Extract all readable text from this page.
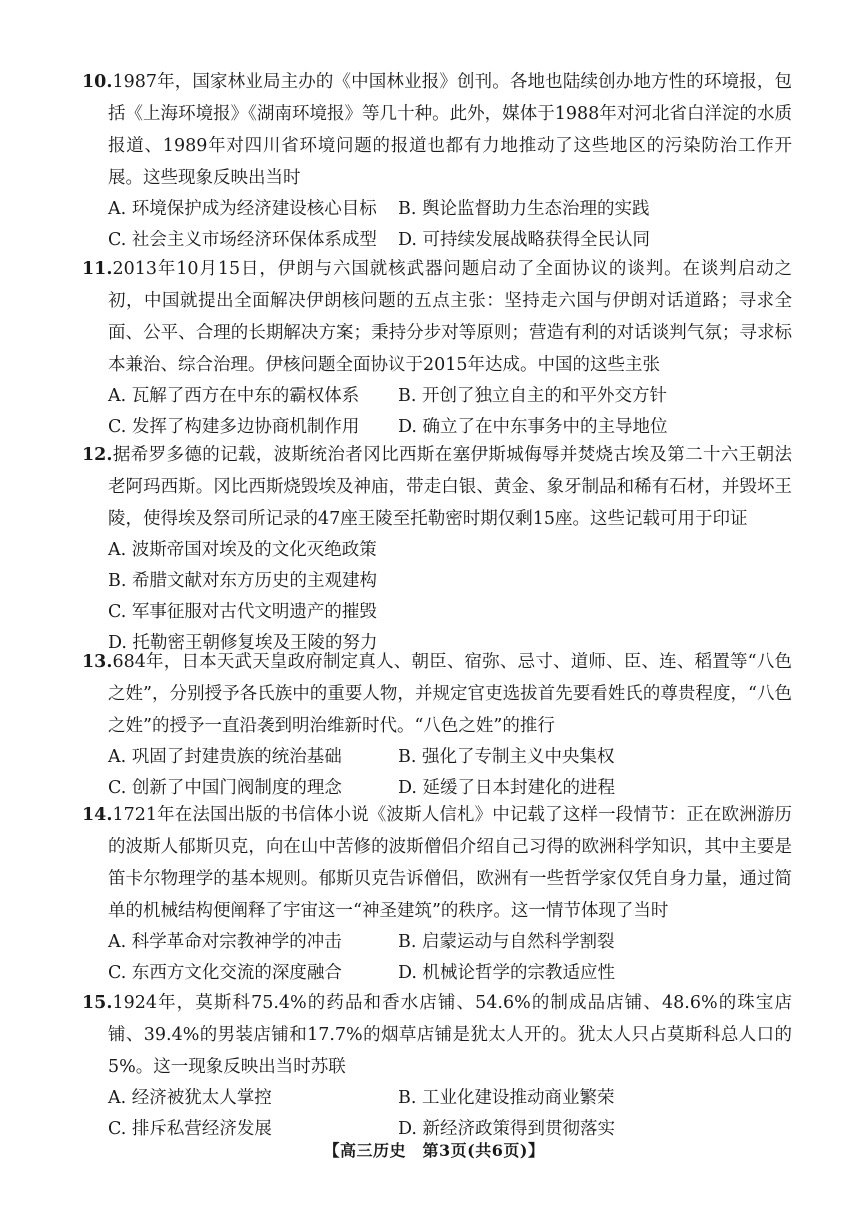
10.1987年，国家林业局主办的《中国林业报》创刊。各地也陆续创办地方性的环境报，包括《上海环境报》《湖南环境报》等几十种。此外，媒体于1988年对河北省白洋淀的水质报道、1989年对四川省环境问题的报道也都有力地推动了这些地区的污染防治工作开展。这些现象反映出当时

A. 环境保护成为经济建设核心目标	B. 舆论监督助力生态治理的实践
C. 社会主义市场经济环保体系成型	D. 可持续发展战略获得全民认同

11.2013年10月15日，伊朗与六国就核武器问题启动了全面协议的谈判。在谈判启动之初，中国就提出全面解决伊朗核问题的五点主张：坚持走六国与伊朗对话道路；寻求全面、公平、合理的长期解决方案；秉持分步对等原则；营造有利的对话谈判气氛；寻求标本兼治、综合治理。伊核问题全面协议于2015年达成。中国的这些主张

A. 瓦解了西方在中东的霸权体系	B. 开创了独立自主的和平外交方针
C. 发挥了构建多边协商机制作用	D. 确立了在中东事务中的主导地位

12.据希罗多德的记载，波斯统治者冈比西斯在塞伊斯城侮辱并焚烧古埃及第二十六王朝法老阿玛西斯。冈比西斯烧毁埃及神庙，带走白银、黄金、象牙制品和稀有石材，并毁坏王陵，使得埃及祭司所记录的47座王陵至托勒密时期仅剩15座。这些记载可用于印证

A. 波斯帝国对埃及的文化灭绝政策
B. 希腊文献对东方历史的主观建构
C. 军事征服对古代文明遗产的摧毁
D. 托勒密王朝修复埃及王陵的努力

13.684年，日本天武天皇政府制定真人、朝臣、宿弥、忌寸、道师、臣、连、稻置等“八色之姓”，分别授予各氏族中的重要人物，并规定官吏选拔首先要看姓氏的尊贵程度，“八色之姓”的授予一直沿袭到明治维新时代。“八色之姓”的推行

A. 巩固了封建贵族的统治基础	B. 强化了专制主义中央集权
C. 创新了中国门阀制度的理念	D. 延缓了日本封建化的进程

14.1721年在法国出版的书信体小说《波斯人信札》中记载了这样一段情节：正在欧洲游历的波斯人郁斯贝克，向在山中苦修的波斯僧侣介绍自己习得的欧洲科学知识，其中主要是笛卡尔物理学的基本规则。郁斯贝克告诉僧侣，欧洲有一些哲学家仅凭自身力量，通过简单的机械结构便阐释了宇宙这一“神圣建筑”的秩序。这一情节体现了当时

A. 科学革命对宗教神学的冲击	B. 启蒙运动与自然科学割裂
C. 东西方文化交流的深度融合	D. 机械论哲学的宗教适应性

15.1924年，莫斯科75.4%的药品和香水店铺、54.6%的制成品店铺、48.6%的珠宝店铺、39.4%的男装店铺和17.7%的烟草店铺是犹太人开的。犹太人只占莫斯科总人口的5%。这一现象反映出当时苏联

A. 经济被犹太人掌控	B. 工业化建设推动商业繁荣
C. 排斥私营经济发展	D. 新经济政策得到贯彻落实
【高三历史　第3页(共6页)】
